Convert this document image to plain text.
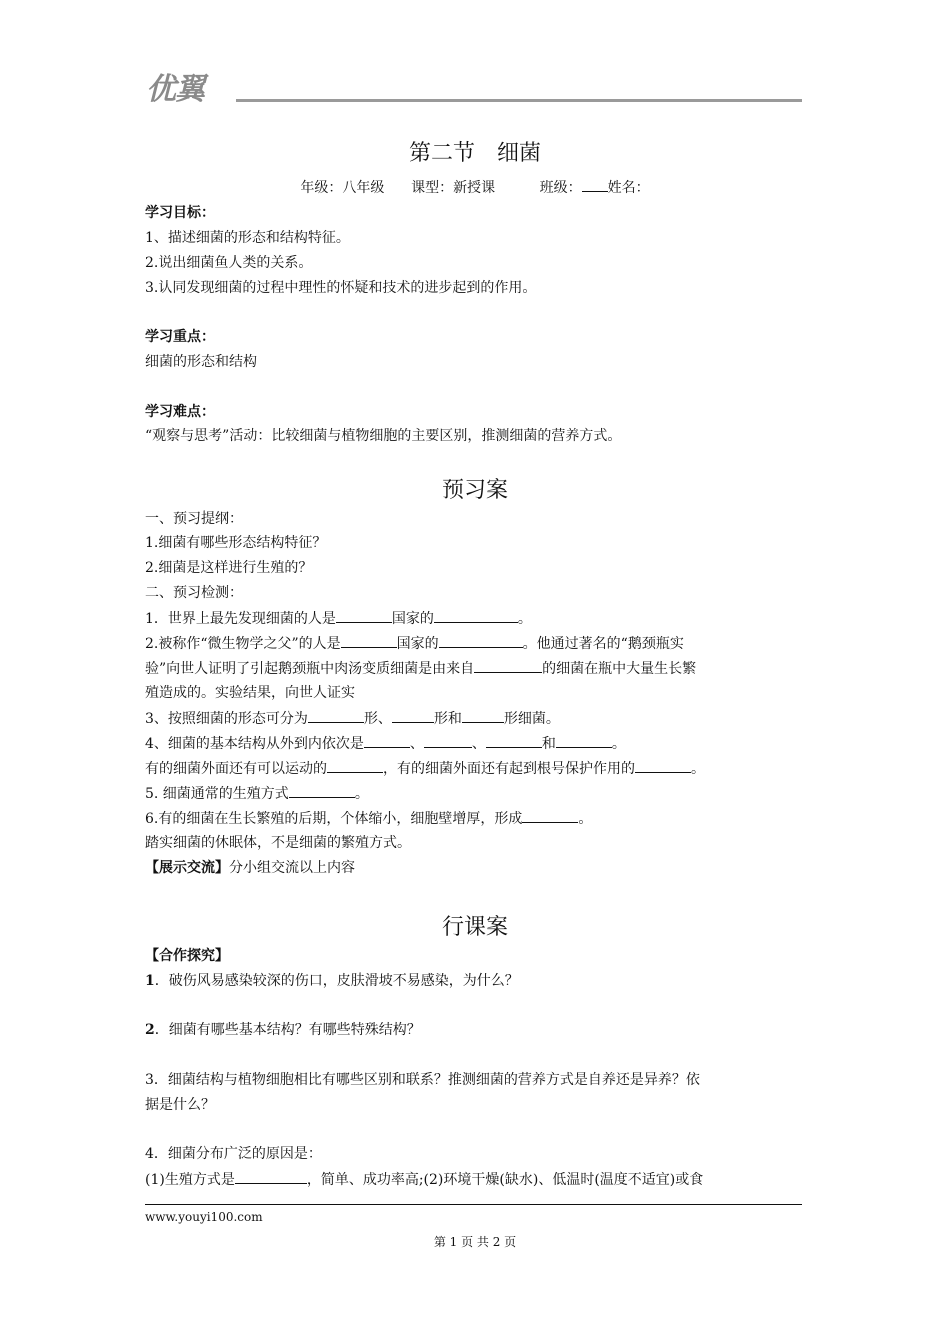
优翼
第二节　细菌
年级：八年级 课型：新授课	班级： 姓名：
学习目标：
1、描述细菌的形态和结构特征。
2.说出细菌鱼人类的关系。
3.认同发现细菌的过程中理性的怀疑和技术的进步起到的作用。
学习重点：
细菌的形态和结构
学习难点：
“观察与思考”活动：比较细菌与植物细胞的主要区别，推测细菌的营养方式。
预习案
一、预习提纲：
1.细菌有哪些形态结构特征？
2.细菌是这样进行生殖的？
二、预习检测：
1．世界上最先发现细菌的人是	国家的	。
2.被称作“微生物学之父”的人是	国家的	。他通过著名的“鹅颈瓶实
验”向世人证明了引起鹅颈瓶中肉汤变质细菌是由来自	的细菌在瓶中大量生长繁
殖造成的。实验结果，向世人证实
3、按照细菌的形态可分为	形、	形和	形细菌。
4、细菌的基本结构从外到内依次是	、	、	和	。
有的细菌外面还有可以运动的	，有的细菌外面还有起到根号保护作用的	。
5. 细菌通常的生殖方式	。
6.有的细菌在生长繁殖的后期，个体缩小，细胞壁增厚，形成	。
踏实细菌的休眠体，不是细菌的繁殖方式。
【展示交流】分小组交流以上内容
行课案
【合作探究】
1．破伤风易感染较深的伤口，皮肤滑坡不易感染，为什么？
2．细菌有哪些基本结构？有哪些特殊结构？
3．细菌结构与植物细胞相比有哪些区别和联系？推测细菌的营养方式是自养还是异养？依
据是什么？
4．细菌分布广泛的原因是：
(1)生殖方式是	，简单、成功率高;(2)环境干燥(缺水)、低温时(温度不适宜)或食
www.youyi100.com
第 1 页 共 2 页
